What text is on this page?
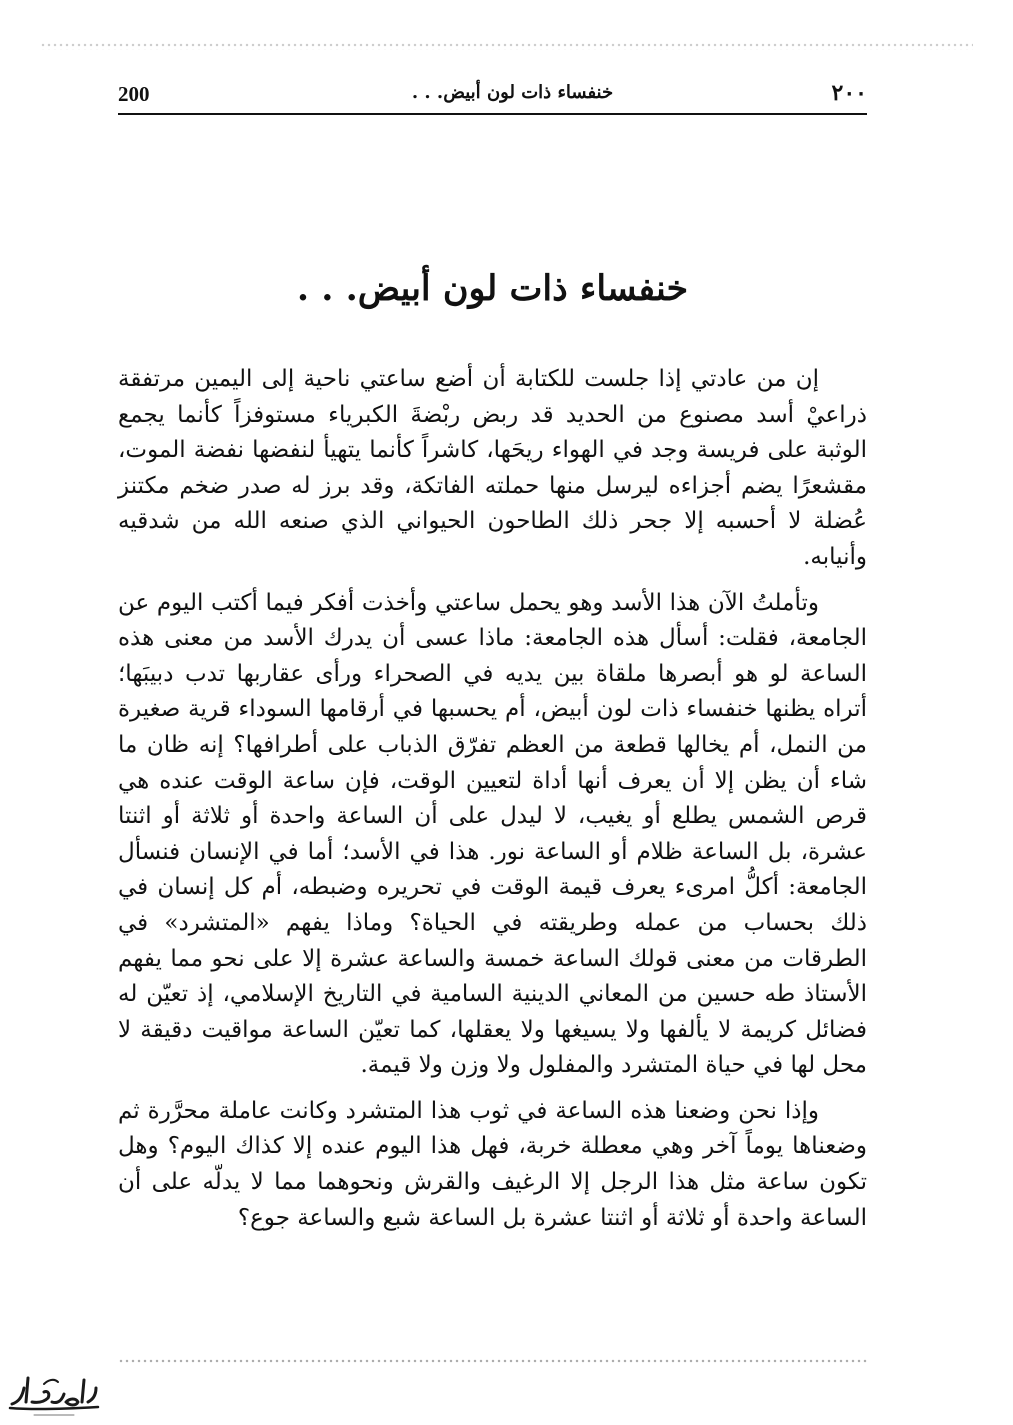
200	خنفساء ذات لون أبيض. . .	٢٠٠
خنفساء ذات لون أبيض. . .

إن من عادتي إذا جلست للكتابة أن أضع ساعتي ناحية إلى اليمين مرتفقة ذراعيْ أسد مصنوع من الحديد قد ربض ربْضةَ الكبرياء مستوفزاً كأنما يجمع الوثبة على فريسة وجد في الهواء ريحَها، كاشراً كأنما يتهيأ لنفضها نفضة الموت، مقشعرًا يضم أجزاءه ليرسل منها حملته الفاتكة، وقد برز له صدر ضخم مكتنز عُضلة لا أحسبه إلا جحر ذلك الطاحون الحيواني الذي صنعه الله من شدقيه وأنيابه.

وتأملتُ الآن هذا الأسد وهو يحمل ساعتي وأخذت أفكر فيما أكتب اليوم عن الجامعة، فقلت: أسأل هذه الجامعة: ماذا عسى أن يدرك الأسد من معنى هذه الساعة لو هو أبصرها ملقاة بين يديه في الصحراء ورأى عقاربها تدب دبيبَها؛ أتراه يظنها خنفساء ذات لون أبيض، أم يحسبها في أرقامها السوداء قرية صغيرة من النمل، أم يخالها قطعة من العظم تفرّق الذباب على أطرافها؟ إنه ظان ما شاء أن يظن إلا أن يعرف أنها أداة لتعيين الوقت، فإن ساعة الوقت عنده هي قرص الشمس يطلع أو يغيب، لا ليدل على أن الساعة واحدة أو ثلاثة أو اثنتا عشرة، بل الساعة ظلام أو الساعة نور. هذا في الأسد؛ أما في الإنسان فنسأل الجامعة: أكلُّ امرىء يعرف قيمة الوقت في تحريره وضبطه، أم كل إنسان في ذلك بحساب من عمله وطريقته في الحياة؟ وماذا يفهم «المتشرد» في الطرقات من معنى قولك الساعة خمسة والساعة عشرة إلا على نحو مما يفهم الأستاذ طه حسين من المعاني الدينية السامية في التاريخ الإسلامي، إذ تعيّن له فضائل كريمة لا يألفها ولا يسيغها ولا يعقلها، كما تعيّن الساعة مواقيت دقيقة لا محل لها في حياة المتشرد والمفلول ولا وزن ولا قيمة.

وإذا نحن وضعنا هذه الساعة في ثوب هذا المتشرد وكانت عاملة محرَّرة ثم وضعناها يوماً آخر وهي معطلة خربة، فهل هذا اليوم عنده إلا كذاك اليوم؟ وهل تكون ساعة مثل هذا الرجل إلا الرغيف والقرش ونحوهما مما لا يدلّه على أن الساعة واحدة أو ثلاثة أو اثنتا عشرة بل الساعة شبع والساعة جوع؟
